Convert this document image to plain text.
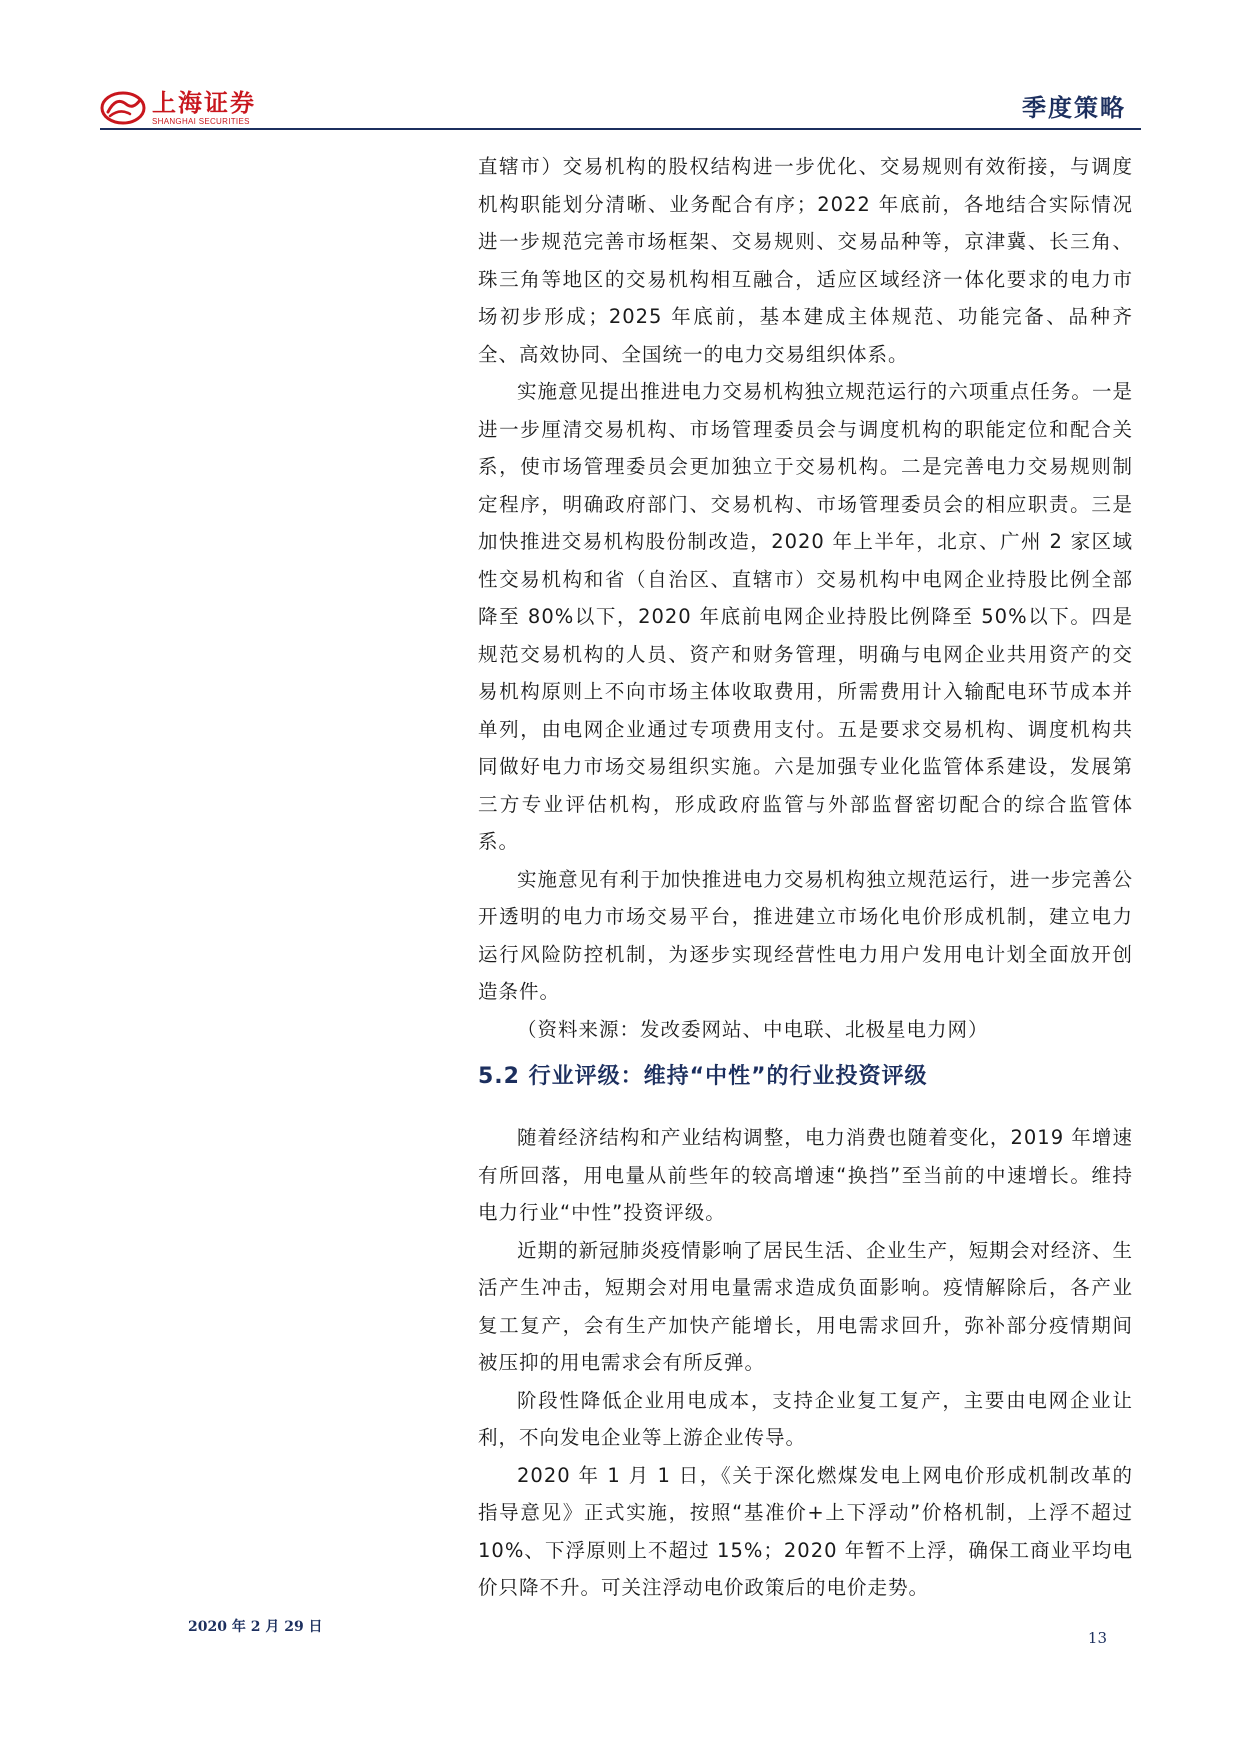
上海证券
SHANGHAI SECURITIES	季度策略

直辖市）交易机构的股权结构进一步优化、交易规则有效衔接，与调度机构职能划分清晰、业务配合有序；2022 年底前，各地结合实际情况进一步规范完善市场框架、交易规则、交易品种等，京津冀、长三角、珠三角等地区的交易机构相互融合，适应区域经济一体化要求的电力市场初步形成；2025 年底前，基本建成主体规范、功能完备、品种齐全、高效协同、全国统一的电力交易组织体系。

实施意见提出推进电力交易机构独立规范运行的六项重点任务。一是进一步厘清交易机构、市场管理委员会与调度机构的职能定位和配合关系，使市场管理委员会更加独立于交易机构。二是完善电力交易规则制定程序，明确政府部门、交易机构、市场管理委员会的相应职责。三是加快推进交易机构股份制改造，2020 年上半年，北京、广州 2 家区域性交易机构和省（自治区、直辖市）交易机构中电网企业持股比例全部降至 80%以下，2020 年底前电网企业持股比例降至 50%以下。四是规范交易机构的人员、资产和财务管理，明确与电网企业共用资产的交易机构原则上不向市场主体收取费用，所需费用计入输配电环节成本并单列，由电网企业通过专项费用支付。五是要求交易机构、调度机构共同做好电力市场交易组织实施。六是加强专业化监管体系建设，发展第三方专业评估机构，形成政府监管与外部监督密切配合的综合监管体系。

实施意见有利于加快推进电力交易机构独立规范运行，进一步完善公开透明的电力市场交易平台，推进建立市场化电价形成机制，建立电力运行风险防控机制，为逐步实现经营性电力用户发用电计划全面放开创造条件。

（资料来源：发改委网站、中电联、北极星电力网）

5.2 行业评级：维持“中性”的行业投资评级

随着经济结构和产业结构调整，电力消费也随着变化，2019 年增速有所回落，用电量从前些年的较高增速“换挡”至当前的中速增长。维持电力行业“中性”投资评级。

近期的新冠肺炎疫情影响了居民生活、企业生产，短期会对经济、生活产生冲击，短期会对用电量需求造成负面影响。疫情解除后，各产业复工复产，会有生产加快产能增长，用电需求回升，弥补部分疫情期间被压抑的用电需求会有所反弹。

阶段性降低企业用电成本，支持企业复工复产，主要由电网企业让利，不向发电企业等上游企业传导。

2020 年 1 月 1 日，《关于深化燃煤发电上网电价形成机制改革的指导意见》正式实施，按照“基准价+上下浮动”价格机制，上浮不超过 10%、下浮原则上不超过 15%；2020 年暂不上浮，确保工商业平均电价只降不升。可关注浮动电价政策后的电价走势。

2020 年 2 月 29 日
13
